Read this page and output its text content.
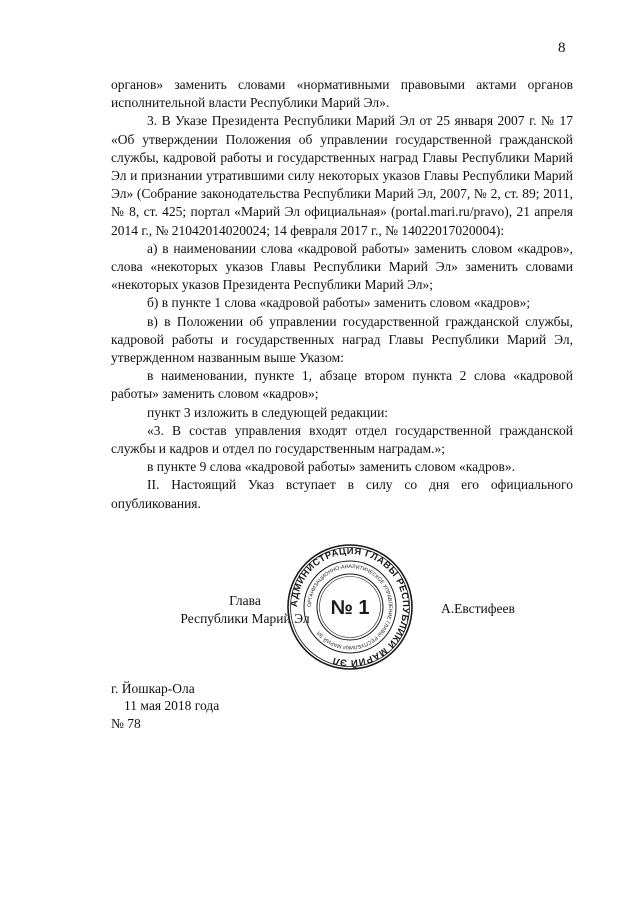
8

органов» заменить словами «нормативными правовыми актами органов исполнительной власти Республики Марий Эл».

3. В Указе Президента Республики Марий Эл от 25 января 2007 г. № 17 «Об утверждении Положения об управлении государственной гражданской службы, кадровой работы и государственных наград Главы Республики Марий Эл и признании утратившими силу некоторых указов Главы Республики Марий Эл» (Собрание законодательства Республики Марий Эл, 2007, № 2, ст. 89; 2011, № 8, ст. 425; портал «Марий Эл официальная» (portal.mari.ru/pravo), 21 апреля 2014 г., № 21042014020024; 14 февраля 2017 г., № 14022017020004):

а) в наименовании слова «кадровой работы» заменить словом «кадров», слова «некоторых указов Главы Республики Марий Эл» заменить словами «некоторых указов Президента Республики Марий Эл»;

б) в пункте 1 слова «кадровой работы» заменить словом «кадров»;

в) в Положении об управлении государственной гражданской службы, кадровой работы и государственных наград Главы Республики Марий Эл, утвержденном названным выше Указом:

в наименовании, пункте 1, абзаце втором пункта 2 слова «кадровой работы» заменить словом «кадров»;

пункт 3 изложить в следующей редакции:

«3. В состав управления входят отдел государственной гражданской службы и кадров и отдел по государственным наградам.»;

в пункте 9 слова «кадровой работы» заменить словом «кадров».

II. Настоящий Указ вступает в силу со дня его официального опубликования.

Глава
Республики Марий Эл
АДМИНИСТРАЦИЯ ГЛАВЫ РЕСПУБЛИКИ МАРИЙ ЭЛ
ОРГАНИЗАЦИОННО-АНАЛИТИЧЕСКОЕ УПРАВЛЕНИЕ ГЛАВЫ РЕСПУБЛИКИ МАРИЙ ЭЛ
№ 1	А.Евстифеев
г. Йошкар-Ола
11 мая 2018 года
№ 78
